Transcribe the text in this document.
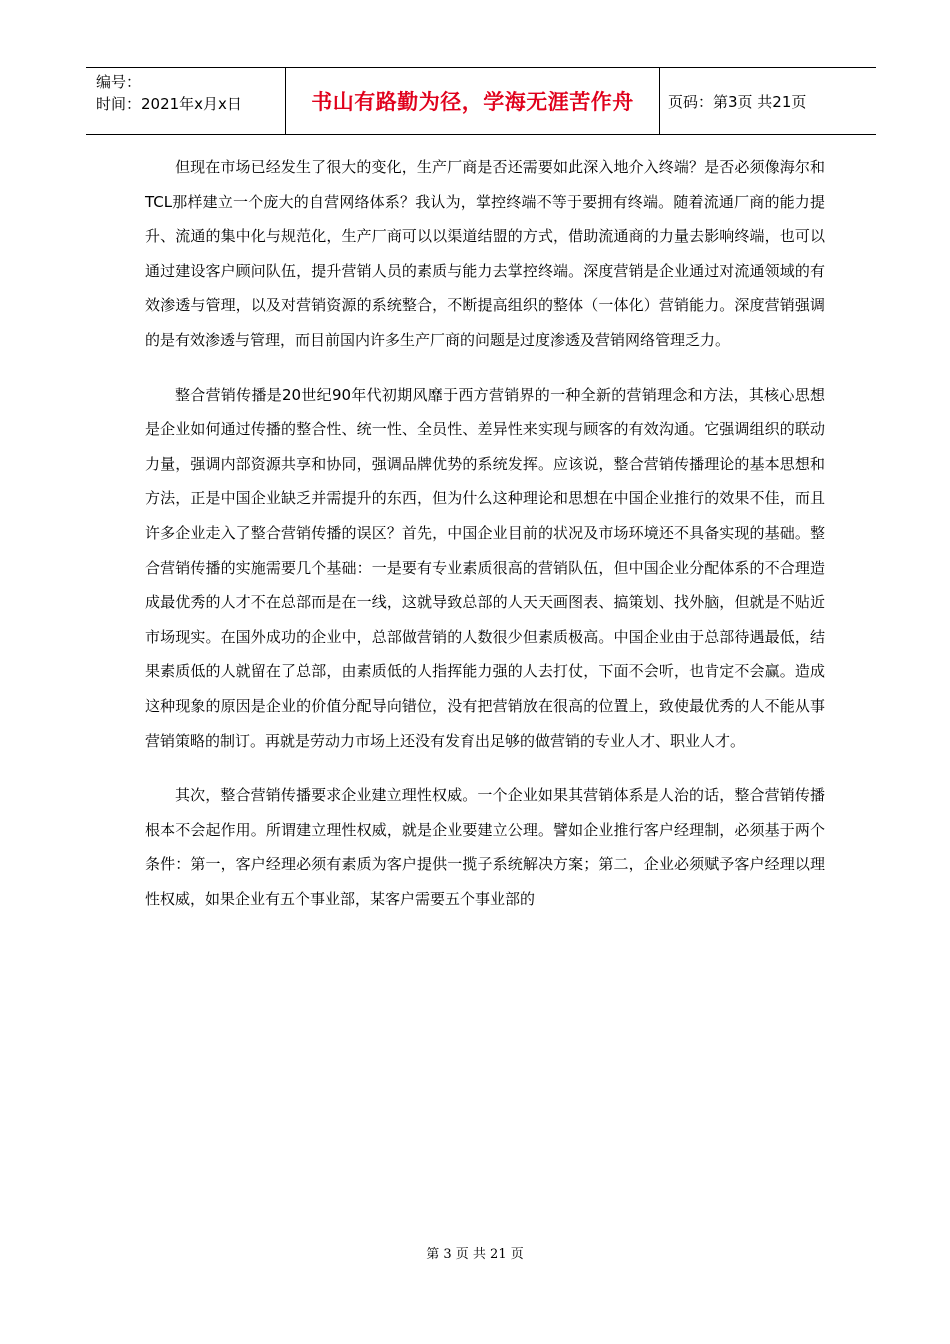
编号：
时间：2021年x月x日	书山有路勤为径，学海无涯苦作舟	页码：第3页 共21页

但现在市场已经发生了很大的变化，生产厂商是否还需要如此深入地介入终端？是否必须像海尔和TCL那样建立一个庞大的自营网络体系？我认为，掌控终端不等于要拥有终端。随着流通厂商的能力提升、流通的集中化与规范化，生产厂商可以以渠道结盟的方式，借助流通商的力量去影响终端，也可以通过建设客户顾问队伍，提升营销人员的素质与能力去掌控终端。深度营销是企业通过对流通领域的有效渗透与管理，以及对营销资源的系统整合，不断提高组织的整体（一体化）营销能力。深度营销强调的是有效渗透与管理，而目前国内许多生产厂商的问题是过度渗透及营销网络管理乏力。

整合营销传播是20世纪90年代初期风靡于西方营销界的一种全新的营销理念和方法，其核心思想是企业如何通过传播的整合性、统一性、全员性、差异性来实现与顾客的有效沟通。它强调组织的联动力量，强调内部资源共享和协同，强调品牌优势的系统发挥。应该说，整合营销传播理论的基本思想和方法，正是中国企业缺乏并需提升的东西，但为什么这种理论和思想在中国企业推行的效果不佳，而且许多企业走入了整合营销传播的误区？首先，中国企业目前的状况及市场环境还不具备实现的基础。整合营销传播的实施需要几个基础：一是要有专业素质很高的营销队伍，但中国企业分配体系的不合理造成最优秀的人才不在总部而是在一线，这就导致总部的人天天画图表、搞策划、找外脑，但就是不贴近市场现实。在国外成功的企业中，总部做营销的人数很少但素质极高。中国企业由于总部待遇最低，结果素质低的人就留在了总部，由素质低的人指挥能力强的人去打仗，下面不会听，也肯定不会赢。造成这种现象的原因是企业的价值分配导向错位，没有把营销放在很高的位置上，致使最优秀的人不能从事营销策略的制订。再就是劳动力市场上还没有发育出足够的做营销的专业人才、职业人才。

其次，整合营销传播要求企业建立理性权威。一个企业如果其营销体系是人治的话，整合营销传播根本不会起作用。所谓建立理性权威，就是企业要建立公理。譬如企业推行客户经理制，必须基于两个条件：第一，客户经理必须有素质为客户提供一揽子系统解决方案；第二，企业必须赋予客户经理以理性权威，如果企业有五个事业部，某客户需要五个事业部的

第 3 页 共 21 页
